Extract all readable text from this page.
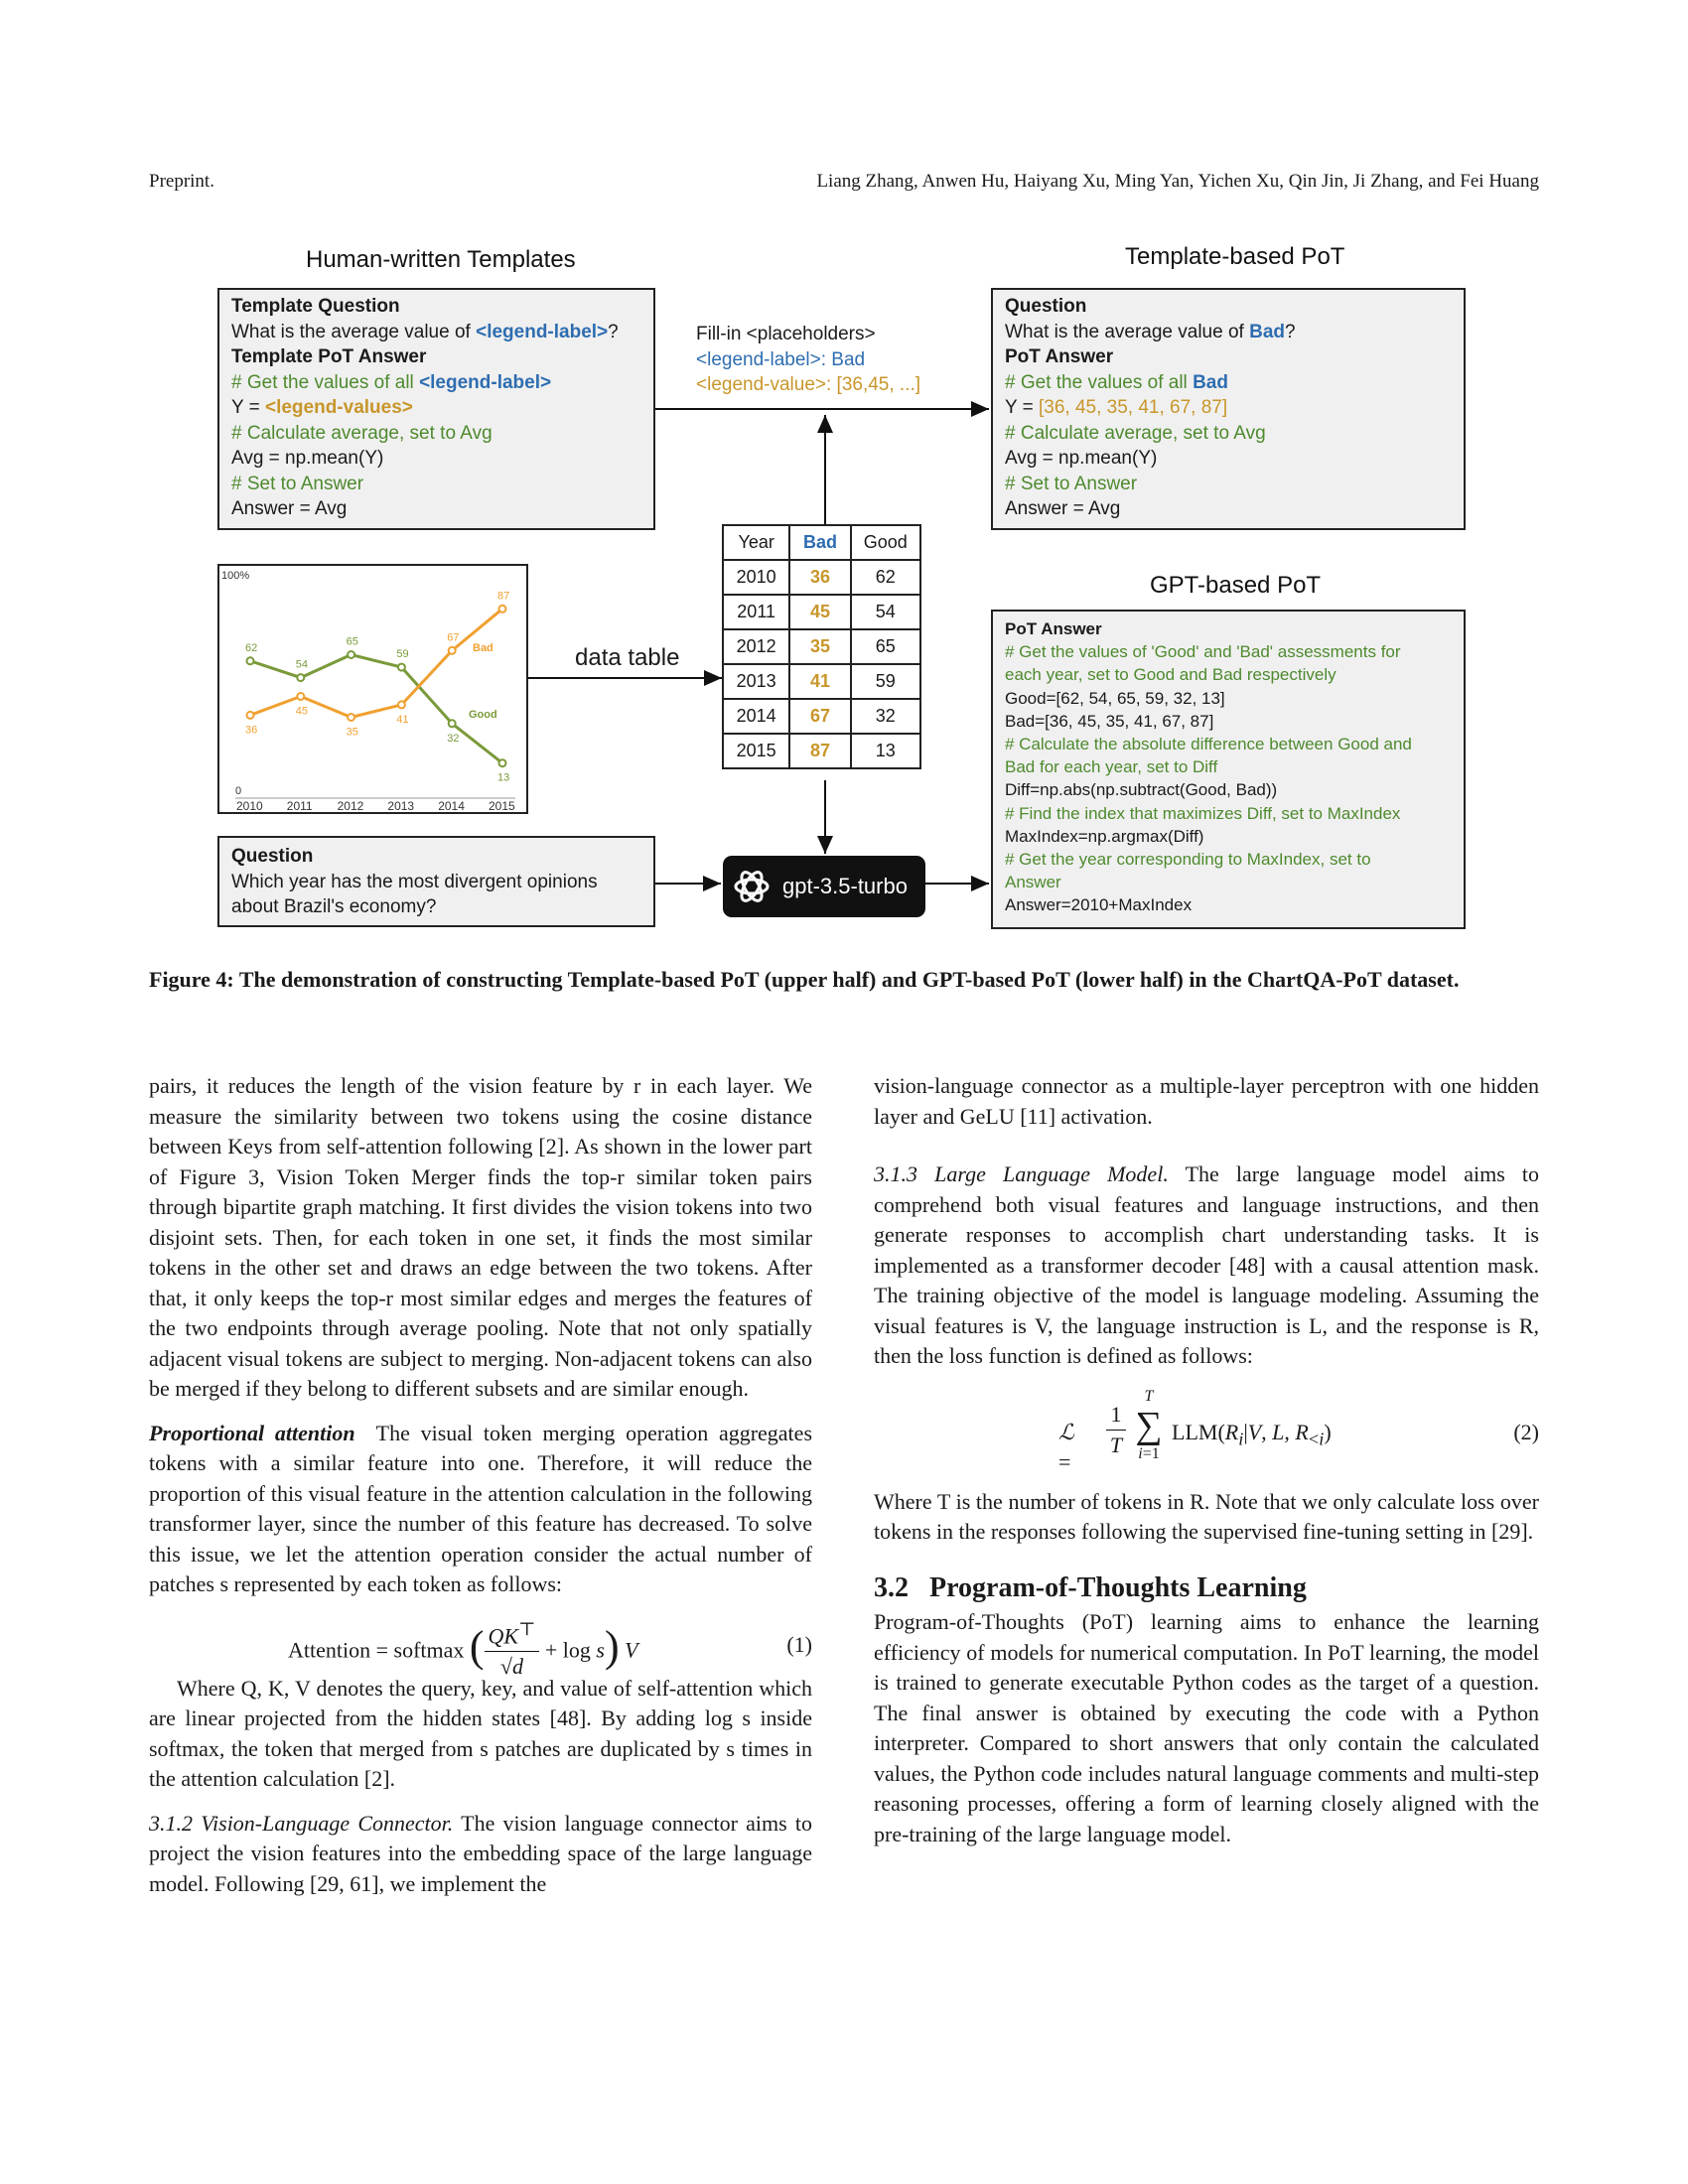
Preprint.	Liang Zhang, Anwen Hu, Haiyang Xu, Ming Yan, Yichen Xu, Qin Jin, Ji Zhang, and Fei Huang
Human-written Templates	Template-based PoT
GPT-based PoT
Template Question
What is the average value of <legend-label>?
Template PoT Answer
# Get the values of all <legend-label>
Y = <legend-values>
# Calculate average, set to Avg
Avg = np.mean(Y)
# Set to Answer
Answer = Avg
Fill-in <placeholders>
<legend-label>: Bad
<legend-value>: [36,45, ...]
Question
What is the average value of Bad?
PoT Answer
# Get the values of all Bad
Y = [36, 45, 35, 41, 67, 87]
# Calculate average, set to Avg
Avg = np.mean(Y)
# Set to Answer
Answer = Avg
100%
0
62
54
65
59
32
13
Good
36
45
35
41
67
87
Bad
2010 2011 2012 2013 2014 2015
data table
Year	Bad	Good
2010	36	62
2011	45	54
2012	35	65
2013	41	59
2014	67	32
2015	87	13
Question
Which year has the most divergent opinions
about Brazil's economy?
gpt-3.5-turbo
PoT Answer
# Get the values of 'Good' and 'Bad' assessments for
each year, set to Good and Bad respectively
Good=[62, 54, 65, 59, 32, 13]
Bad=[36, 45, 35, 41, 67, 87]
# Calculate the absolute difference between Good and
Bad for each year, set to Diff
Diff=np.abs(np.subtract(Good, Bad))
# Find the index that maximizes Diff, set to MaxIndex
MaxIndex=np.argmax(Diff)
# Get the year corresponding to MaxIndex, set to
Answer
Answer=2010+MaxIndex
Figure 4: The demonstration of constructing Template-based PoT (upper half) and GPT-based PoT (lower half) in the ChartQA-PoT dataset.

pairs, it reduces the length of the vision feature by r in each layer. We measure the similarity between two tokens using the cosine distance between Keys from self-attention following [2]. As shown in the lower part of Figure 3, Vision Token Merger finds the top-r similar token pairs through bipartite graph matching. It first divides the vision tokens into two disjoint sets. Then, for each token in one set, it finds the most similar tokens in the other set and draws an edge between the two tokens. After that, it only keeps the top-r most similar edges and merges the features of the two endpoints through average pooling. Note that not only spatially adjacent visual tokens are subject to merging. Non-adjacent tokens can also be merged if they belong to different subsets and are similar enough.

Proportional attention The visual token merging operation aggregates tokens with a similar feature into one. Therefore, it will reduce the proportion of this visual feature in the attention calculation in the following transformer layer, since the number of this feature has decreased. To solve this issue, we let the attention operation consider the actual number of patches s represented by each token as follows:

Attention = softmax ( $\frac{QK^⊤}{√d} + \log s$) V	(1)

Where Q, K, V denotes the query, key, and value of self-attention which are linear projected from the hidden states [48]. By adding log s inside softmax, the token that merged from s patches are duplicated by s times in the attention calculation [2].

3.1.2 Vision-Language Connector. The vision language connector aims to project the vision features into the embedding space of the large language model. Following [29, 61], we implement the

vision-language connector as a multiple-layer perceptron with one hidden layer and GeLU [11] activation.

3.1.3 Large Language Model. The large language model aims to comprehend both visual features and language instructions, and then generate responses to accomplish chart understanding tasks. It is implemented as a transformer decoder [48] with a causal attention mask. The training objective of the model is language modeling. Assuming the visual features is V, the language instruction is L, and the response is R, then the loss function is defined as follows:

ℒ =
1
T
T
∑
i=1
$LLM(R_i|V$, L, $R_{<i}$)	(2)

Where T is the number of tokens in R. Note that we only calculate loss over tokens in the responses following the supervised fine-tuning setting in [29].

3.2 Program-of-Thoughts Learning

Program-of-Thoughts (PoT) learning aims to enhance the learning efficiency of models for numerical computation. In PoT learning, the model is trained to generate executable Python codes as the target of a question. The final answer is obtained by executing the code with a Python interpreter. Compared to short answers that only contain the calculated values, the Python code includes natural language comments and multi-step reasoning processes, offering a form of learning closely aligned with the pre-training of the large language model.
